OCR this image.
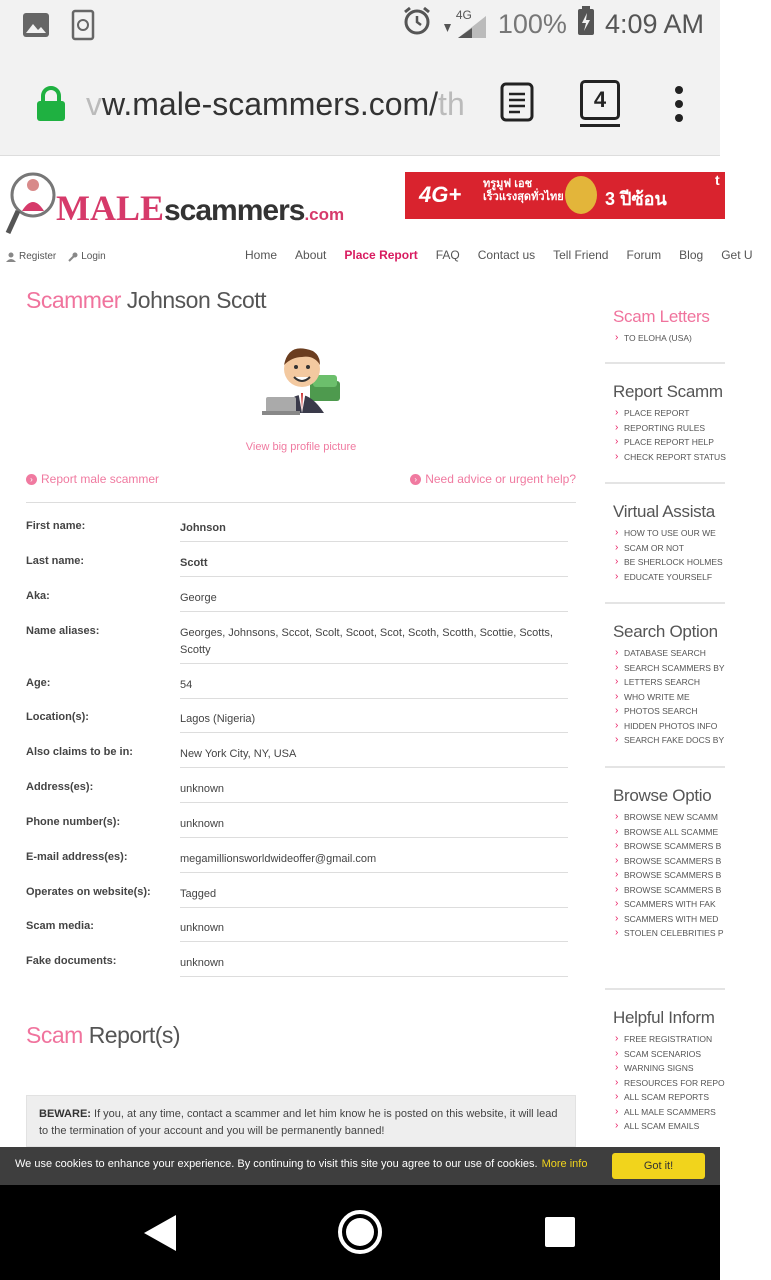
4G 100% 4:09 AM
vw.male-scammers.com/th	4
MALEscammers.com
4G+ ทรูมูฟ เอช
เร็วแรงสุดทั่วไทย 3 ปีซ้อน
t
Register	Login	Home About Place Report FAQ Contact us Tell Friend Forum Blog Get U
Scammer Johnson Scott
View big profile picture
› Report male scammer	› Need advice or urgent help?
First name:	Johnson
Last name:	Scott
Aka:	George
Name aliases:	Georges, Johnsons, Sccot, Scolt, Scoot, Scot, Scoth, Scotth, Scottie, Scotts, Scotty
Age:	54
Location(s):	Lagos (Nigeria)
Also claims to be in:	New York City, NY, USA
Address(es):	unknown
Phone number(s):	unknown
E-mail address(es):	megamillionsworldwideoffer@gmail.com
Operates on website(s):	Tagged
Scam media:	unknown
Fake documents:	unknown
Scam Report(s)
BEWARE: If you, at any time, contact a scammer and let him know he is posted on this website, it will lead to the termination of your account and you will be permanently banned!
Scam Letters
› TO ELOHA (USA)
Report Scamm
› PLACE REPORT
› REPORTING RULES
› PLACE REPORT HELP
› CHECK REPORT STATUS
Virtual Assista
› HOW TO USE OUR WE
› SCAM OR NOT
› BE SHERLOCK HOLMES
› EDUCATE YOURSELF
Search Option
› DATABASE SEARCH
› SEARCH SCAMMERS BY
› LETTERS SEARCH
› WHO WRITE ME
› PHOTOS SEARCH
› HIDDEN PHOTOS INFO
› SEARCH FAKE DOCS BY
Browse Optio
› BROWSE NEW SCAMM
› BROWSE ALL SCAMME
› BROWSE SCAMMERS B
› BROWSE SCAMMERS B
› BROWSE SCAMMERS B
› BROWSE SCAMMERS B
› SCAMMERS WITH FAK
› SCAMMERS WITH MED
› STOLEN CELEBRITIES P
Helpful Inform
› FREE REGISTRATION
› SCAM SCENARIOS
› WARNING SIGNS
› RESOURCES FOR REPO
› ALL SCAM REPORTS
› ALL MALE SCAMMERS
› ALL SCAM EMAILS
We use cookies to enhance your experience. By continuing to visit this site you agree to our use of cookies. More info	Got it!
